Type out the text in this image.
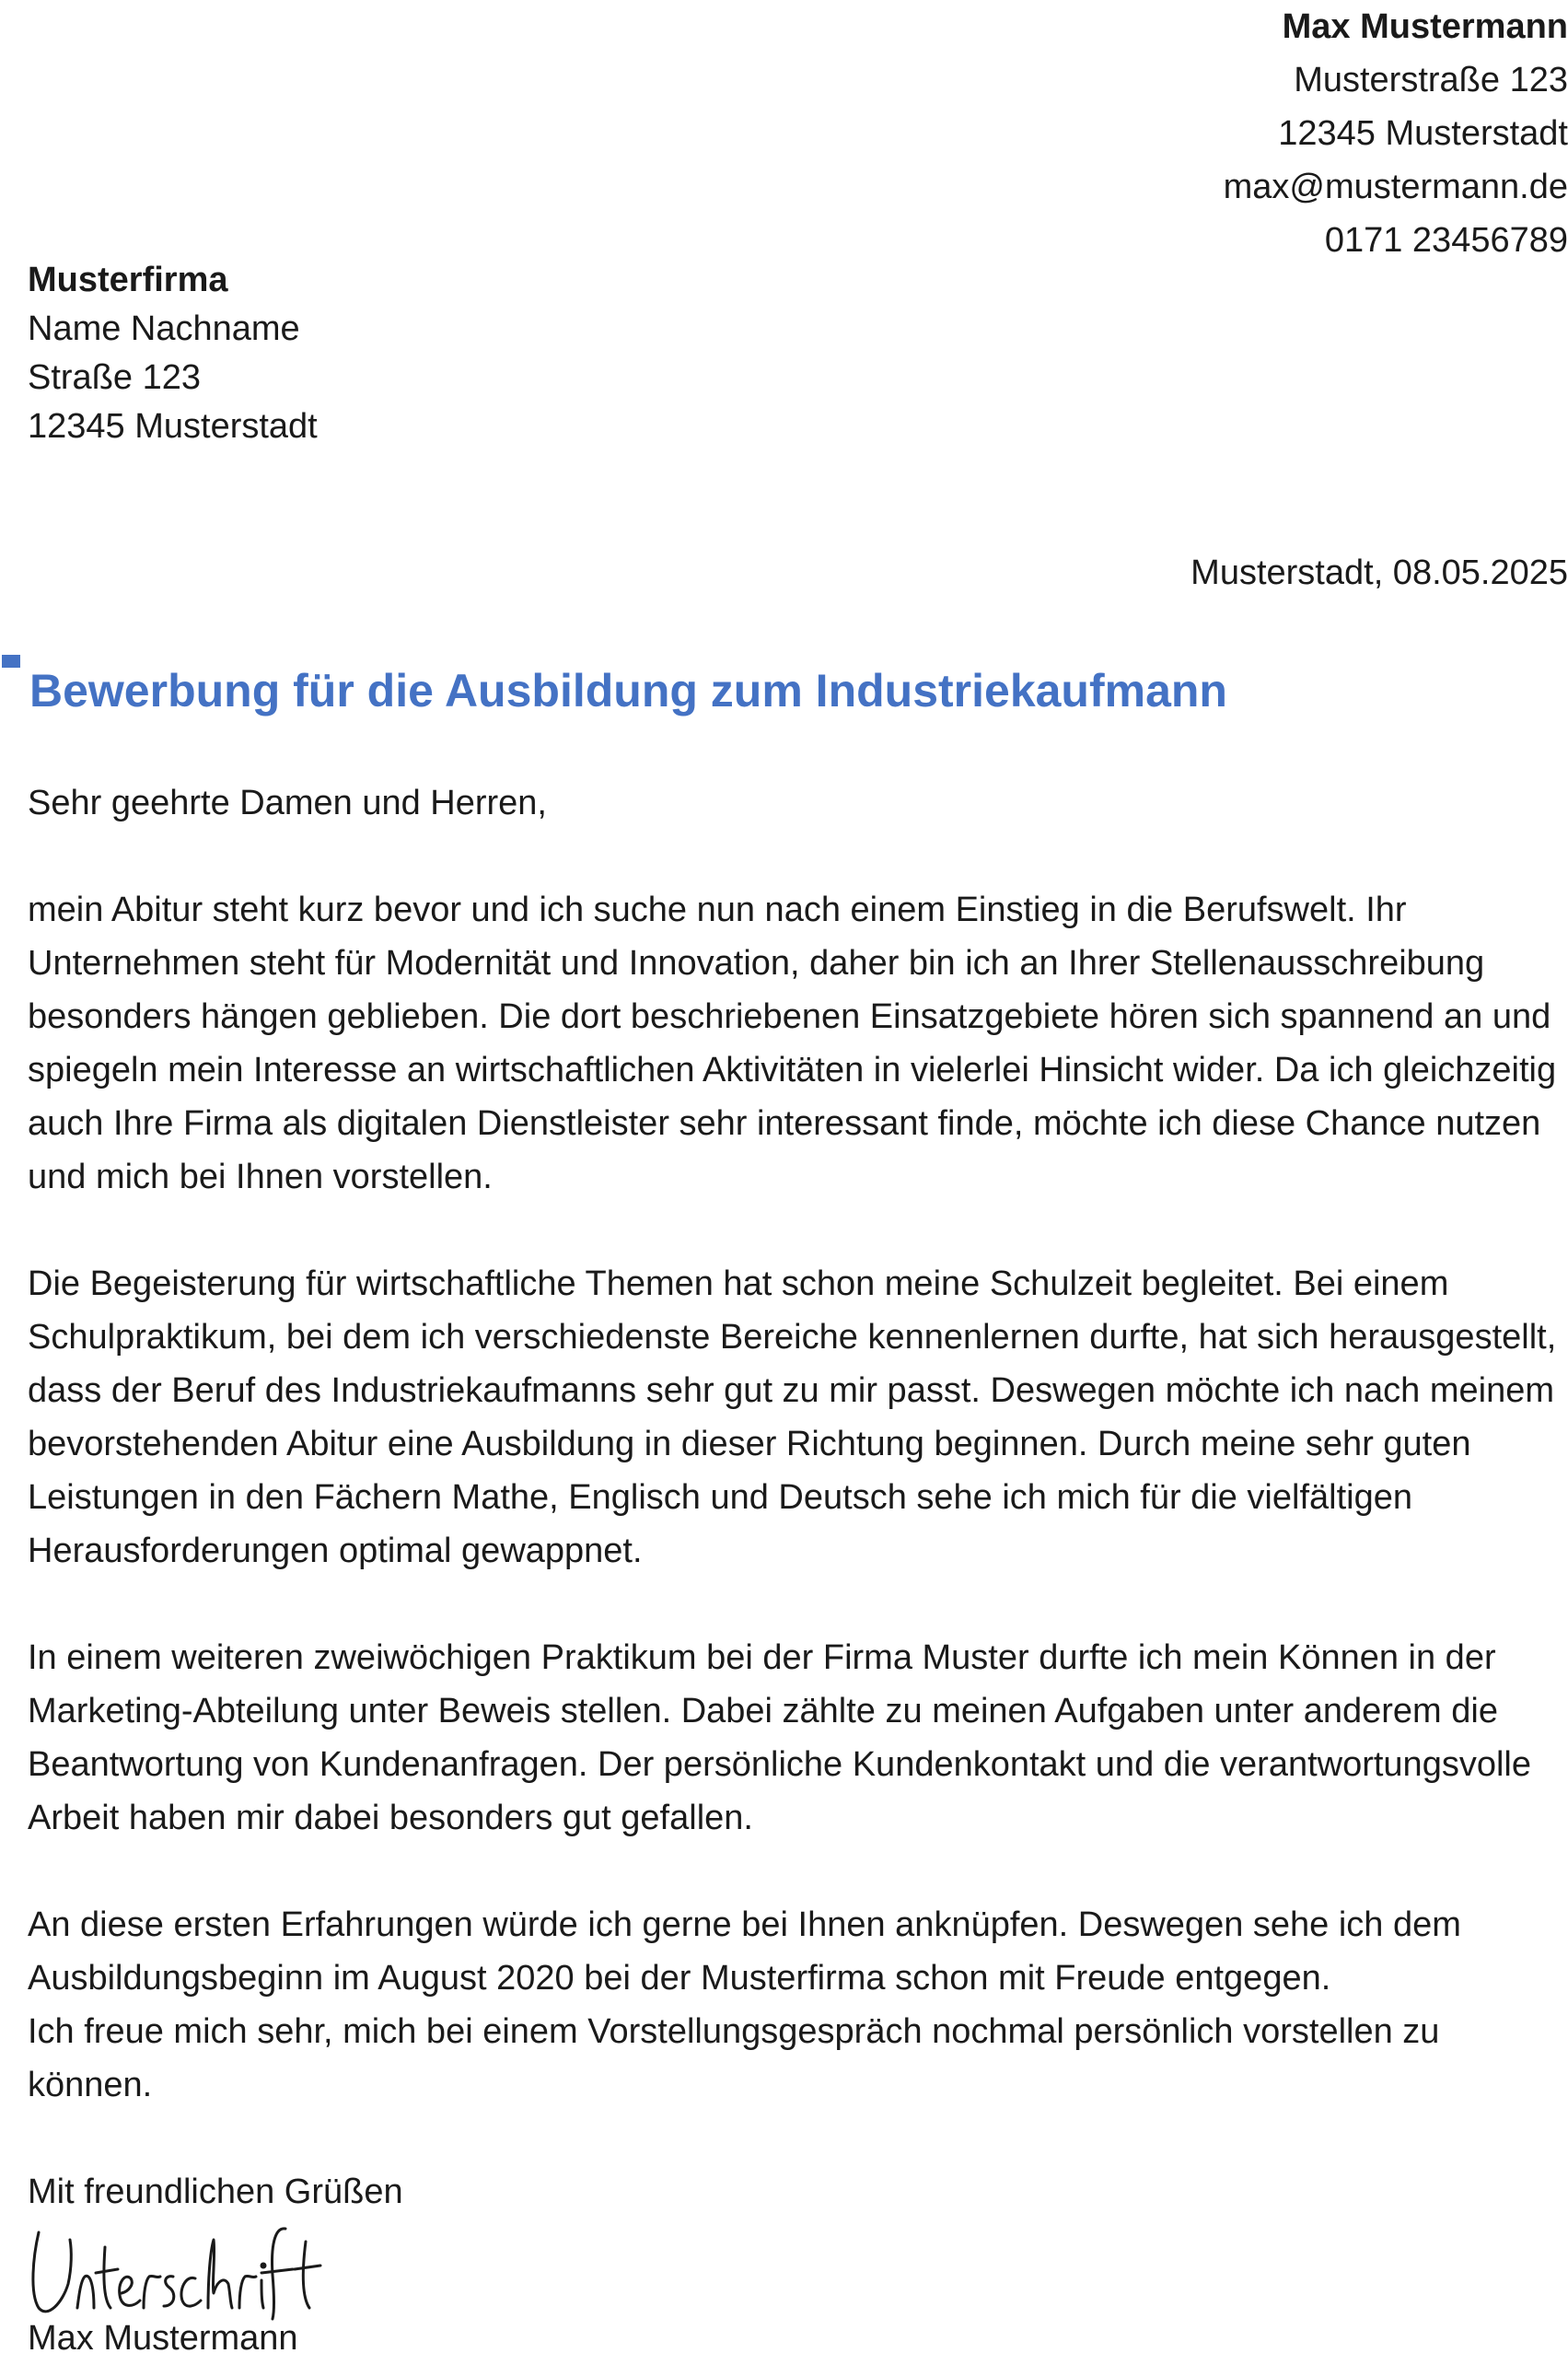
Max Mustermann
Musterstraße 123
12345 Musterstadt
max@mustermann.de
0171 23456789
Musterfirma
Name Nachname
Straße 123
12345 Musterstadt
Musterstadt, 08.05.2025
Bewerbung für die Ausbildung zum Industriekaufmann

Sehr geehrte Damen und Herren,

mein Abitur steht kurz bevor und ich suche nun nach einem Einstieg in die Berufswelt. Ihr Unternehmen steht für Modernität und Innovation, daher bin ich an Ihrer Stellenausschreibung besonders hängen geblieben. Die dort beschriebenen Einsatzgebiete hören sich spannend an und spiegeln mein Interesse an wirtschaftlichen Aktivitäten in vielerlei Hinsicht wider. Da ich gleichzeitig auch Ihre Firma als digitalen Dienstleister sehr interessant finde, möchte ich diese Chance nutzen und mich bei Ihnen vorstellen.

Die Begeisterung für wirtschaftliche Themen hat schon meine Schulzeit begleitet. Bei einem Schulpraktikum, bei dem ich verschiedenste Bereiche kennenlernen durfte, hat sich herausgestellt, dass der Beruf des Industriekaufmanns sehr gut zu mir passt. Deswegen möchte ich nach meinem bevorstehenden Abitur eine Ausbildung in dieser Richtung beginnen. Durch meine sehr guten Leistungen in den Fächern Mathe, Englisch und Deutsch sehe ich mich für die vielfältigen Herausforderungen optimal gewappnet.

In einem weiteren zweiwöchigen Praktikum bei der Firma Muster durfte ich mein Können in der Marketing-Abteilung unter Beweis stellen. Dabei zählte zu meinen Aufgaben unter anderem die Beantwortung von Kundenanfragen. Der persönliche Kundenkontakt und die verantwortungsvolle Arbeit haben mir dabei besonders gut gefallen.

An diese ersten Erfahrungen würde ich gerne bei Ihnen anknüpfen. Deswegen sehe ich dem Ausbildungsbeginn im August 2020 bei der Musterfirma schon mit Freude entgegen.

Ich freue mich sehr, mich bei einem Vorstellungsgespräch nochmal persönlich vorstellen zu können.

Mit freundlichen Grüßen

Max Mustermann
